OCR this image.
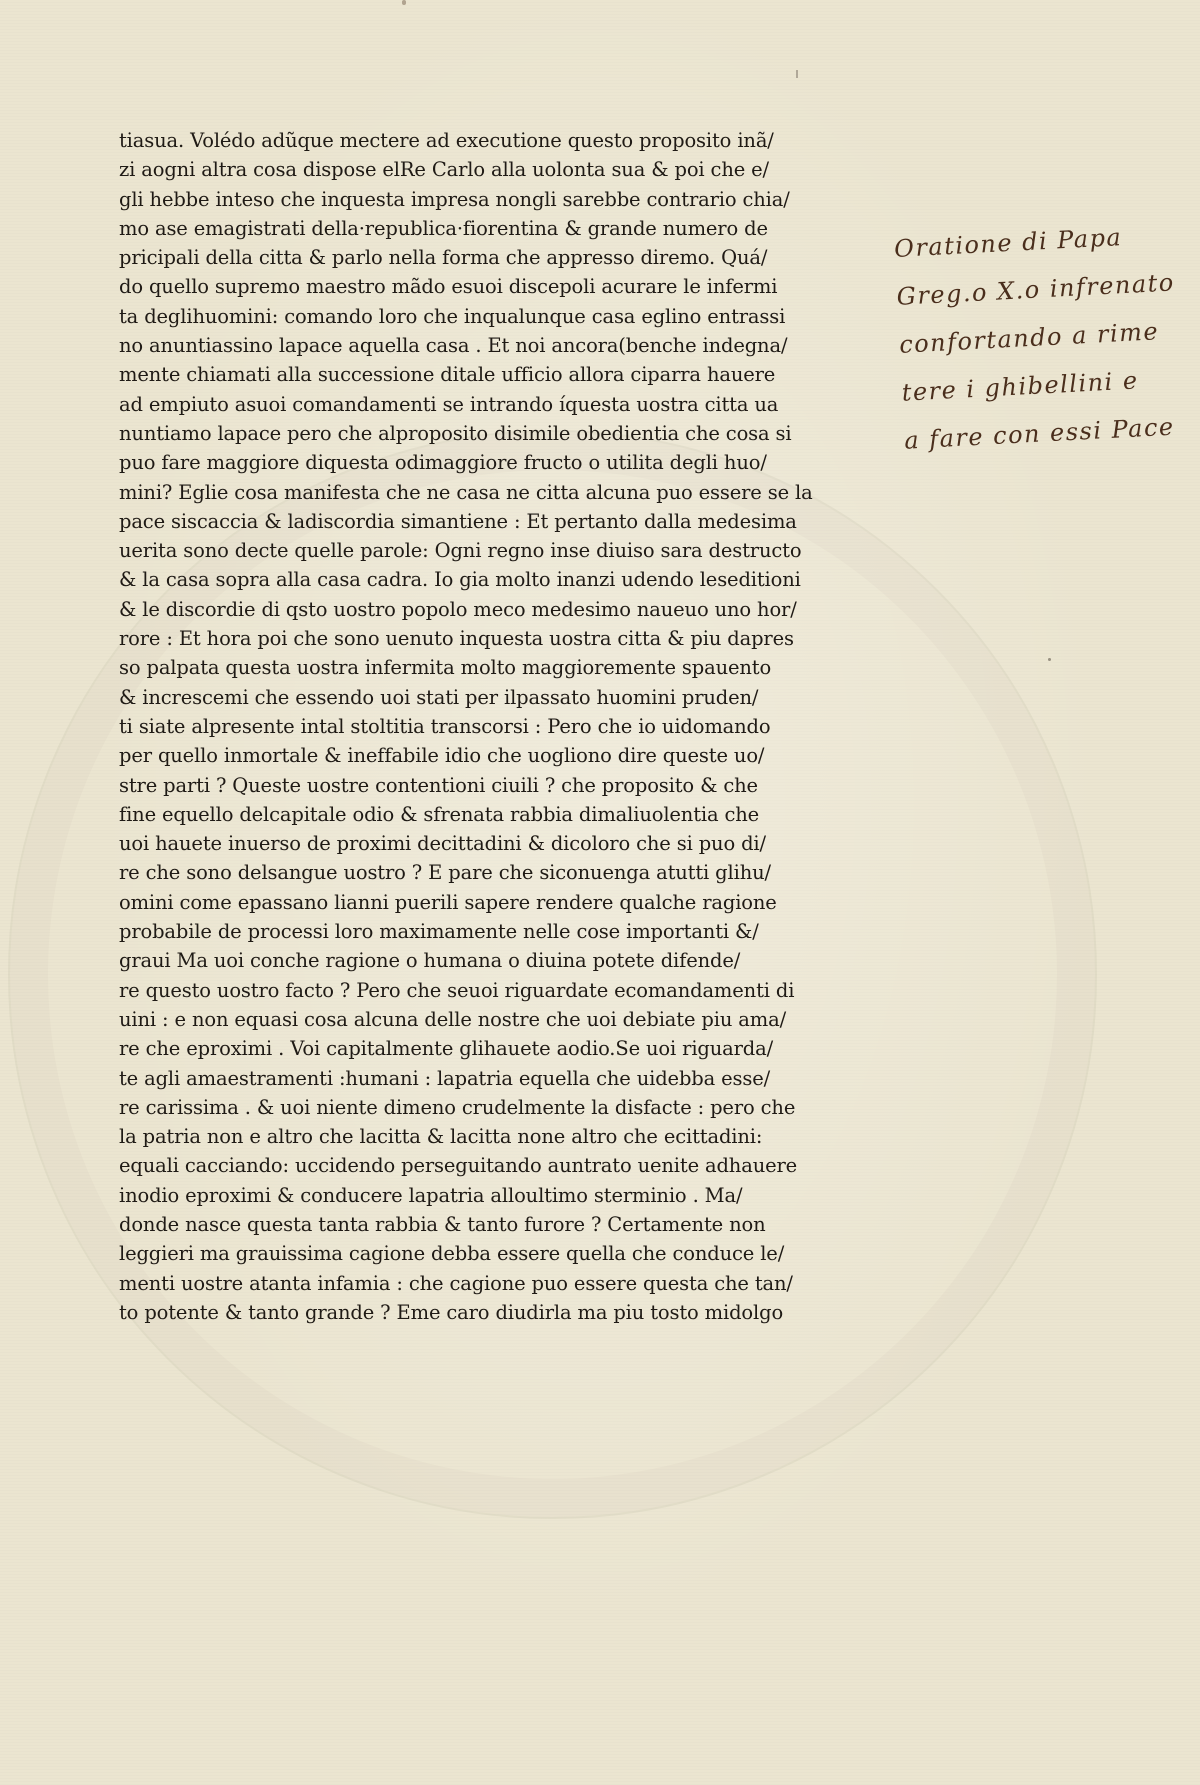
tiasua. Volédo adũque mectere ad executione questo proposito inã/
zi aogni altra cosa dispose elRe Carlo alla uolonta sua & poi che e/
gli hebbe inteso che inquesta impresa nongli sarebbe contrario chia/
mo ase emagistrati della·republica·fiorentina & grande numero de
pricipali della citta & parlo nella forma che appresso diremo. Quá/
do quello supremo maestro mãdo esuoi discepoli acurare le infermi
ta deglihuomini: comando loro che inqualunque casa eglino entrassi
no anuntiassino lapace aquella casa . Et noi ancora(benche indegna/
mente chiamati alla successione ditale ufficio allora ciparra hauere
ad empiuto asuoi comandamenti se intrando íquesta uostra citta ua
nuntiamo lapace pero che alproposito disimile obedientia che cosa si
puo fare maggiore diquesta odimaggiore fructo o utilita degli huo/
mini? Eglie cosa manifesta che ne casa ne citta alcuna puo essere se la
pace siscaccia & ladiscordia simantiene : Et pertanto dalla medesima
uerita sono decte quelle parole: Ogni regno inse diuiso sara destructo
& la casa sopra alla casa cadra. Io gia molto inanzi udendo leseditioni
& le discordie di qsto uostro popolo meco medesimo naueuo uno hor/
rore : Et hora poi che sono uenuto inquesta uostra citta & piu dapres
so palpata questa uostra infermita molto maggioremente spauento
& increscemi che essendo uoi stati per ilpassato huomini pruden/
ti siate alpresente intal stoltitia transcorsi : Pero che io uidomando
per quello inmortale & ineffabile idio che uogliono dire queste uo/
stre parti ? Queste uostre contentioni ciuili ? che proposito & che
fine equello delcapitale odio & sfrenata rabbia dimaliuolentia che
uoi hauete inuerso de proximi decittadini & dicoloro che si puo di/
re che sono delsangue uostro ? E pare che siconuenga atutti glihu/
omini come epassano lianni puerili sapere rendere qualche ragione
probabile de processi loro maximamente nelle cose importanti &/
graui Ma uoi conche ragione o humana o diuina potete difende/
re questo uostro facto ? Pero che seuoi riguardate ecomandamenti di
uini : e non equasi cosa alcuna delle nostre che uoi debiate piu ama/
re che eproximi . Voi capitalmente glihauete aodio.Se uoi riguarda/
te agli amaestramenti :humani : lapatria equella che uidebba esse/
re carissima . & uoi niente dimeno crudelmente la disfacte : pero che
la patria non e altro che lacitta & lacitta none altro che ecittadini:
equali cacciando: uccidendo perseguitando auntrato uenite adhauere
inodio eproximi & conducere lapatria alloultimo sterminio . Ma/
donde nasce questa tanta rabbia & tanto furore ? Certamente non
leggieri ma grauissima cagione debba essere quella che conduce le/
menti uostre atanta infamia : che cagione puo essere questa che tan/
to potente & tanto grande ? Eme caro diudirla ma piu tosto midolgo
Oratione di Papa
Greg.o X.o infrenato
confortando a rime
tere i ghibellini e
a fare con essi Pace
